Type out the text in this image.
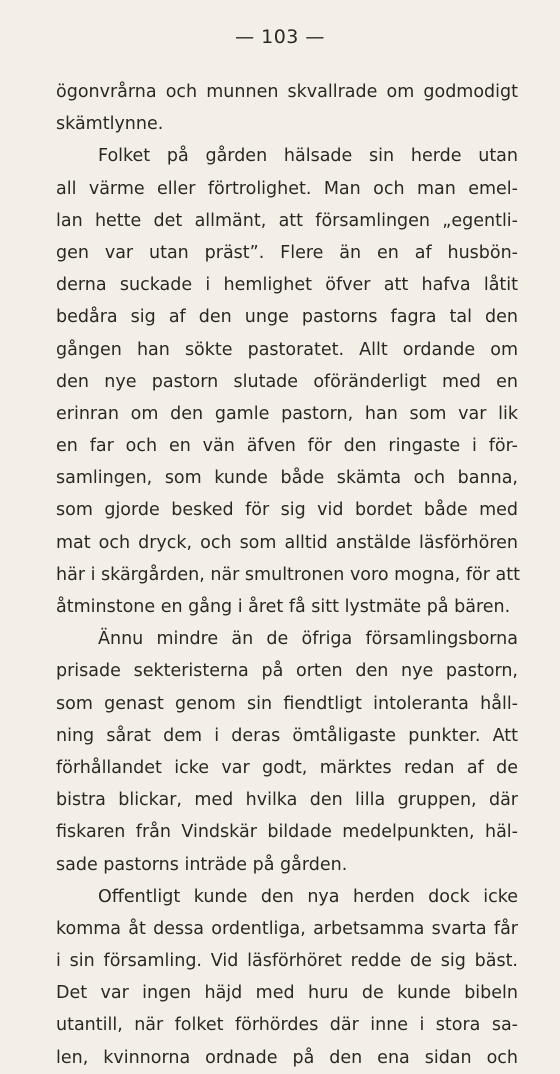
— 103 —
ögonvrårna och munnen skvallrade om godmodigt
skämtlynne.
Folket på gården hälsade sin herde utan
all värme eller förtrolighet. Man och man emel-
lan hette det allmänt, att församlingen „egentli-
gen var utan präst”. Flere än en af husbön-
derna suckade i hemlighet öfver att hafva låtit
bedåra sig af den unge pastorns fagra tal den
gången han sökte pastoratet. Allt ordande om
den nye pastorn slutade oföränderligt med en
erinran om den gamle pastorn, han som var lik
en far och en vän äfven för den ringaste i för-
samlingen, som kunde både skämta och banna,
som gjorde besked för sig vid bordet både med
mat och dryck, och som alltid anstälde läsförhören
här i skärgården, när smultronen voro mogna, för att
åtminstone en gång i året få sitt lystmäte på bären.
Ännu mindre än de öfriga församlingsborna
prisade sekteristerna på orten den nye pastorn,
som genast genom sin fiendtligt intoleranta håll-
ning sårat dem i deras ömtåligaste punkter. Att
förhållandet icke var godt, märktes redan af de
bistra blickar, med hvilka den lilla gruppen, där
fiskaren från Vindskär bildade medelpunkten, häl-
sade pastorns inträde på gården.
Offentligt kunde den nya herden dock icke
komma åt dessa ordentliga, arbetsamma svarta får
i sin församling. Vid läsförhöret redde de sig bäst.
Det var ingen häjd med huru de kunde bibeln
utantill, när folket förhördes där inne i stora sa-
len, kvinnorna ordnade på den ena sidan och
